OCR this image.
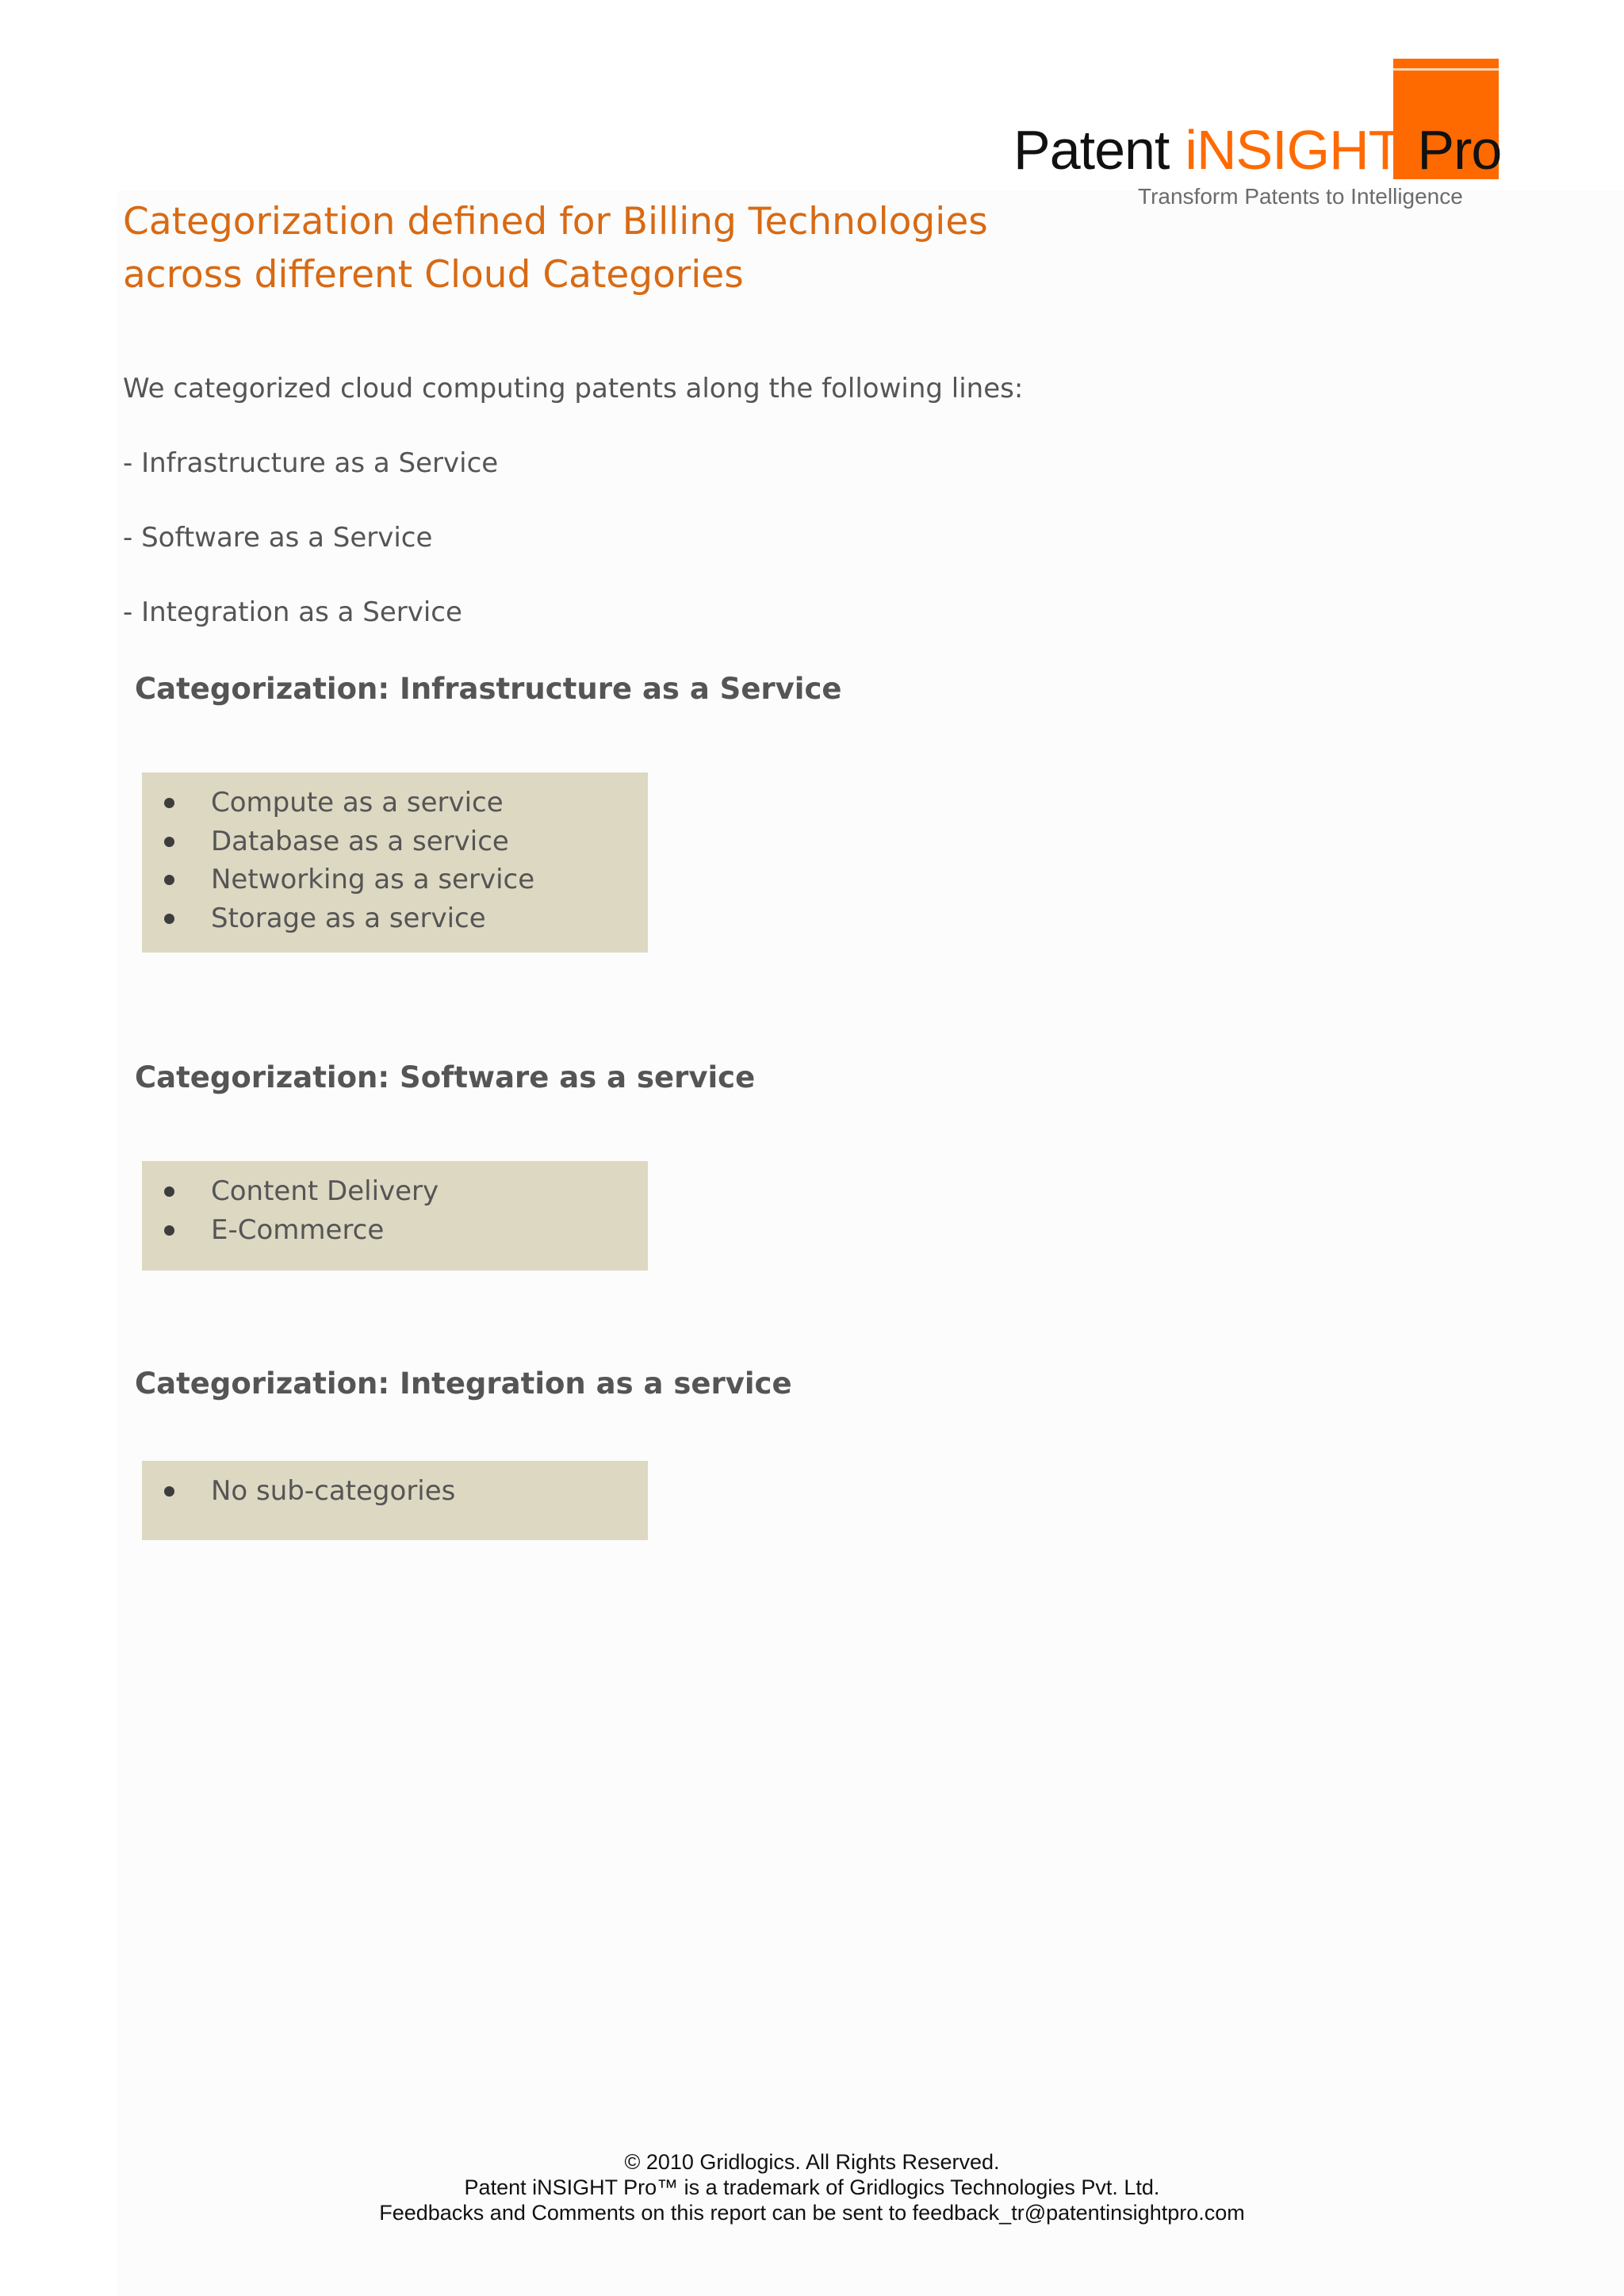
Patent iNSIGHT Pro
Transform Patents to Intelligence
Categorization defined for Billing Technologies
across different Cloud Categories
We categorized cloud computing patents along the following lines:
- Infrastructure as a Service
- Software as a Service
- Integration as a Service
Categorization: Infrastructure as a Service
Compute as a service
Database as a service
Networking as a service
Storage as a service
Categorization: Software as a service
Content Delivery
E-Commerce
Categorization: Integration as a service
No sub-categories
© 2010 Gridlogics. All Rights Reserved.
Patent iNSIGHT Pro™ is a trademark of Gridlogics Technologies Pvt. Ltd.
Feedbacks and Comments on this report can be sent to feedback_tr@patentinsightpro.com
